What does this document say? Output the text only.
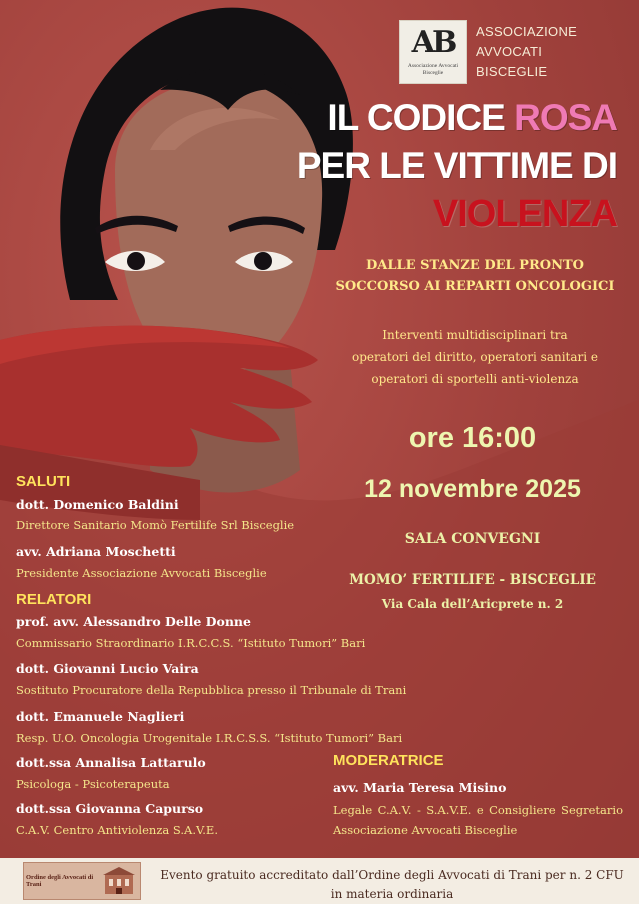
AB
Associazione Avvocati Bisceglie
ASSOCIAZIONE
AVVOCATI
BISCEGLIE
IL CODICE ROSA
PER LE VITTIME DI
VIOLENZA
DALLE STANZE DEL PRONTO
SOCCORSO AI REPARTI ONCOLOGICI
Interventi multidisciplinari tra
operatori del diritto, operatori sanitari e
operatori di sportelli anti-violenza
ore 16:00
12 novembre 2025
SALA CONVEGNI
MOMO’ FERTILIFE - BISCEGLIE
Via Cala dell’Aricprete n. 2
SALUTI
dott. Domenico Baldini
Direttore Sanitario Momò Fertilife Srl Bisceglie
avv. Adriana Moschetti
Presidente Associazione Avvocati Bisceglie
RELATORI
prof. avv. Alessandro Delle Donne
Commissario Straordinario I.R.C.C.S. “Istituto Tumori” Bari
dott. Giovanni Lucio Vaira
Sostituto Procuratore della Repubblica presso il Tribunale di Trani
dott. Emanuele Naglieri
Resp. U.O. Oncologia Urogenitale I.R.C.S.S. “Istituto Tumori” Bari
dott.ssa Annalisa Lattarulo
Psicologa - Psicoterapeuta
dott.ssa Giovanna Capurso
C.A.V. Centro Antiviolenza S.A.V.E.
MODERATRICE
avv. Maria Teresa Misino
Legale C.A.V. - S.A.V.E. e Consigliere Segretario Associazione Avvocati Bisceglie
Ordine degli Avvocati di Trani
Evento gratuito accreditato dall’Ordine degli Avvocati di Trani per n. 2 CFU in materia ordinaria
